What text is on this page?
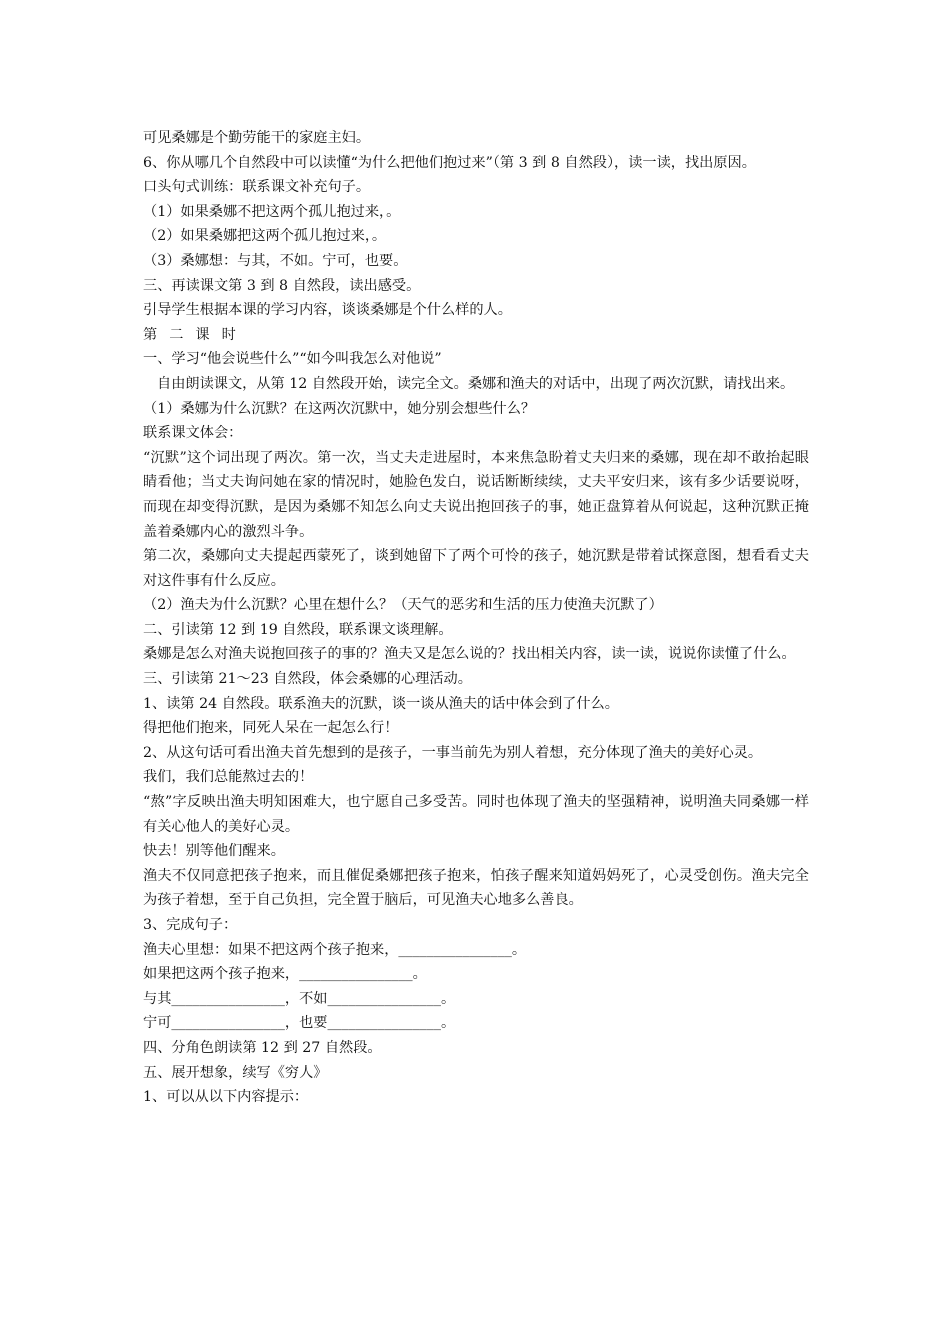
可见桑娜是个勤劳能干的家庭主妇。

6、你从哪几个自然段中可以读懂“为什么把他们抱过来”（第 3 到 8 自然段），读一读，找出原因。

口头句式训练：联系课文补充句子。

（1）如果桑娜不把这两个孤儿抱过来，。

（2）如果桑娜把这两个孤儿抱过来，。

（3）桑娜想：与其，不如。宁可，也要。

三、再读课文第 3 到 8 自然段，读出感受。

引导学生根据本课的学习内容，谈谈桑娜是个什么样的人。

第二课时

一、学习“他会说些什么”“如今叫我怎么对他说”

自由朗读课文，从第 12 自然段开始，读完全文。桑娜和渔夫的对话中，出现了两次沉默，请找出来。

（1）桑娜为什么沉默？在这两次沉默中，她分别会想些什么？

联系课文体会：

“沉默”这个词出现了两次。第一次，当丈夫走进屋时，本来焦急盼着丈夫归来的桑娜，现在却不敢抬起眼睛看他；当丈夫询问她在家的情况时，她脸色发白，说话断断续续，丈夫平安归来，该有多少话要说呀，而现在却变得沉默，是因为桑娜不知怎么向丈夫说出抱回孩子的事，她正盘算着从何说起，这种沉默正掩盖着桑娜内心的激烈斗争。

第二次，桑娜向丈夫提起西蒙死了，谈到她留下了两个可怜的孩子，她沉默是带着试探意图，想看看丈夫对这件事有什么反应。

（2）渔夫为什么沉默？心里在想什么？（天气的恶劣和生活的压力使渔夫沉默了）

二、引读第 12 到 19 自然段，联系课文谈理解。

桑娜是怎么对渔夫说抱回孩子的事的？渔夫又是怎么说的？找出相关内容，读一读，说说你读懂了什么。

三、引读第 21～23 自然段，体会桑娜的心理活动。

1、读第 24 自然段。联系渔夫的沉默，谈一谈从渔夫的话中体会到了什么。

得把他们抱来，同死人呆在一起怎么行！

2、从这句话可看出渔夫首先想到的是孩子，一事当前先为别人着想，充分体现了渔夫的美好心灵。

我们，我们总能熬过去的！

“熬”字反映出渔夫明知困难大，也宁愿自己多受苦。同时也体现了渔夫的坚强精神，说明渔夫同桑娜一样有关心他人的美好心灵。

快去！别等他们醒来。

渔夫不仅同意把孩子抱来，而且催促桑娜把孩子抱来，怕孩子醒来知道妈妈死了，心灵受创伤。渔夫完全为孩子着想，至于自己负担，完全置于脑后，可见渔夫心地多么善良。

3、完成句子：

渔夫心里想：如果不把这两个孩子抱来，________________。

如果把这两个孩子抱来，________________。

与其________________，不如________________。

宁可________________，也要________________。

四、分角色朗读第 12 到 27 自然段。

五、展开想象，续写《穷人》

1、可以从以下内容提示：
